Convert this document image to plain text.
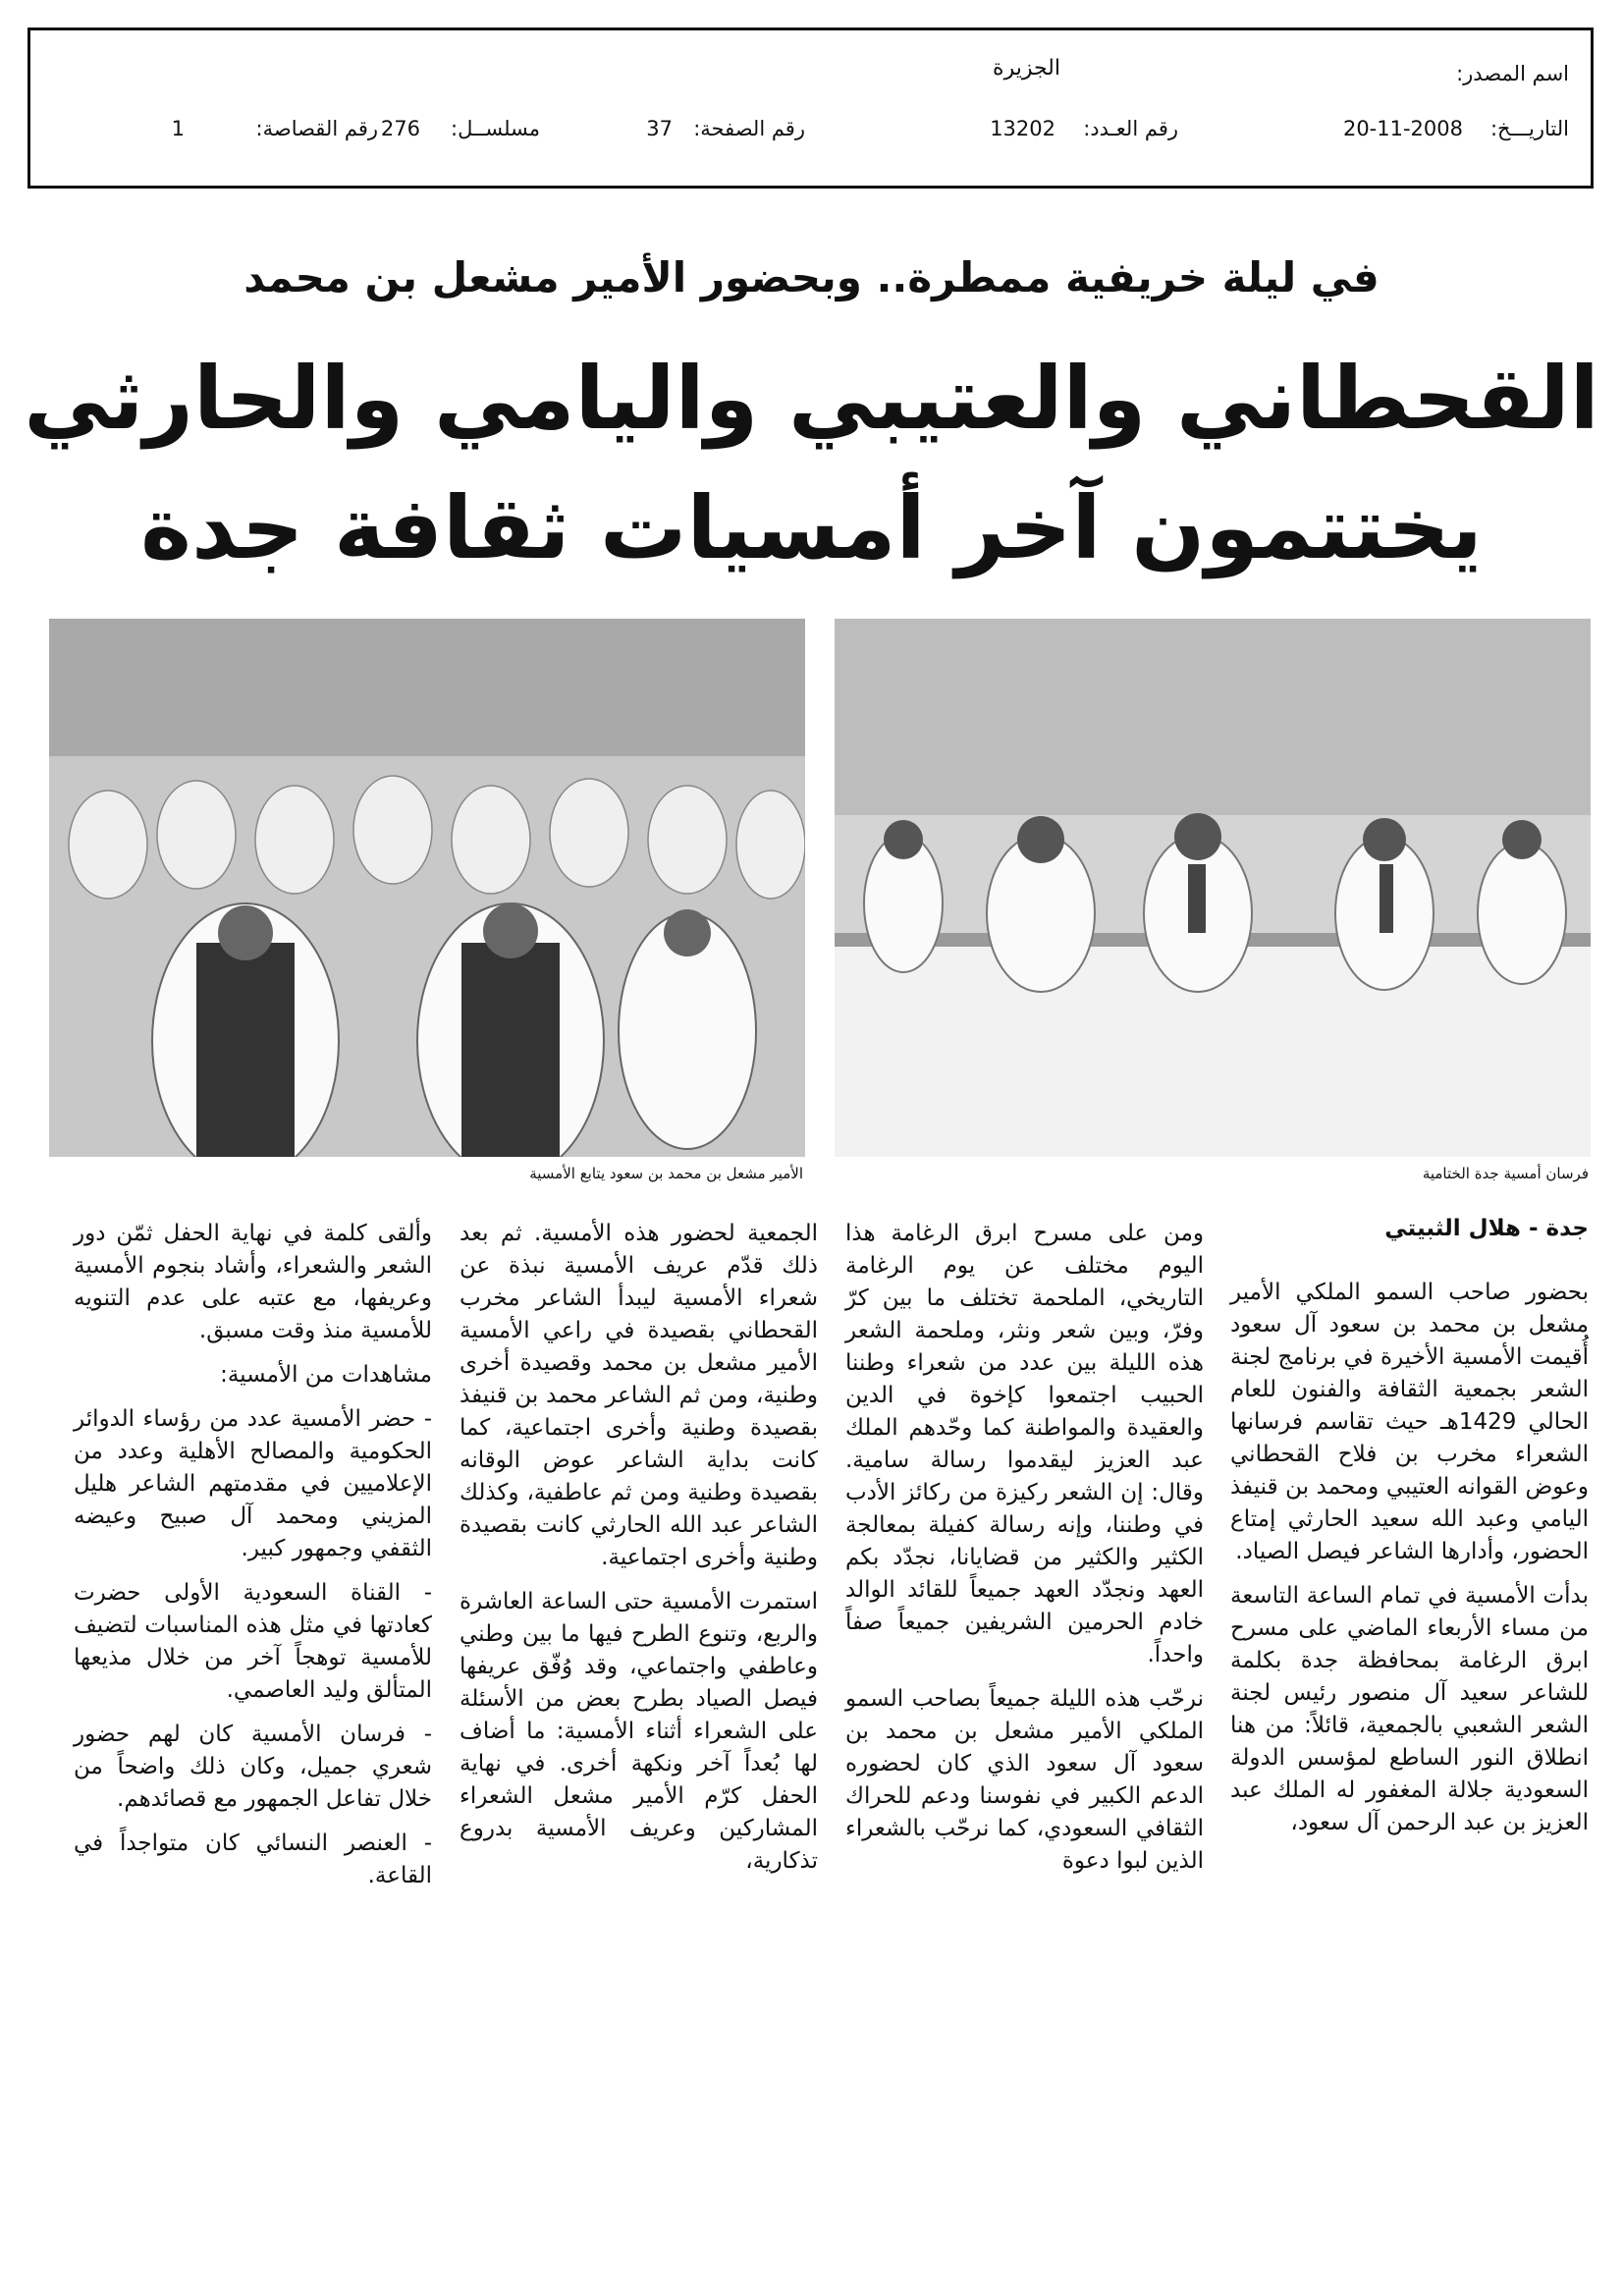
اسم المصدر:
الجزيرة
التاريـــخ:
20-11-2008
رقم العـدد:
13202
رقم الصفحة:
37
مسلســل:
276
رقم القصاصة:
1
في ليلة خريفية ممطرة.. وبحضور الأمير مشعل بن محمد
القحطاني والعتيبي واليامي والحارثي
يختتمون آخر أمسيات ثقافة جدة
فرسان أمسية جدة الختامية
الأمير مشعل بن محمد بن سعود يتابع الأمسية
جدة - هلال الثبيتي

بحضور صاحب السمو الملكي الأمير مشعل بن محمد بن سعود آل سعود أُقيمت الأمسية الأخيرة في برنامج لجنة الشعر بجمعية الثقافة والفنون للعام الحالي 1429هـ حيث تقاسم فرسانها الشعراء مخرب بن فلاح القحطاني وعوض القوانه العتيبي ومحمد بن قنيفذ اليامي وعبد الله سعيد الحارثي إمتاع الحضور، وأدارها الشاعر فيصل الصياد.

بدأت الأمسية في تمام الساعة التاسعة من مساء الأربعاء الماضي على مسرح ابرق الرغامة بمحافظة جدة بكلمة للشاعر سعيد آل منصور رئيس لجنة الشعر الشعبي بالجمعية، قائلاً: من هنا انطلاق النور الساطع لمؤسس الدولة السعودية جلالة المغفور له الملك عبد العزيز بن عبد الرحمن آل سعود،

ومن على مسرح ابرق الرغامة هذا اليوم مختلف عن يوم الرغامة التاريخي، الملحمة تختلف ما بين كرّ وفرّ، وبين شعر ونثر، وملحمة الشعر هذه الليلة بين عدد من شعراء وطننا الحبيب اجتمعوا كإخوة في الدين والعقيدة والمواطنة كما وحّدهم الملك عبد العزيز ليقدموا رسالة سامية. وقال: إن الشعر ركيزة من ركائز الأدب في وطننا، وإنه رسالة كفيلة بمعالجة الكثير والكثير من قضايانا، نجدّد بكم العهد ونجدّد العهد جميعاً للقائد الوالد خادم الحرمين الشريفين جميعاً صفاً واحداً.

نرحّب هذه الليلة جميعاً بصاحب السمو الملكي الأمير مشعل بن محمد بن سعود آل سعود الذي كان لحضوره الدعم الكبير في نفوسنا ودعم للحراك الثقافي السعودي، كما نرحّب بالشعراء الذين لبوا دعوة

الجمعية لحضور هذه الأمسية. ثم بعد ذلك قدّم عريف الأمسية نبذة عن شعراء الأمسية ليبدأ الشاعر مخرب القحطاني بقصيدة في راعي الأمسية الأمير مشعل بن محمد وقصيدة أخرى وطنية، ومن ثم الشاعر محمد بن قنيفذ بقصيدة وطنية وأخرى اجتماعية، كما كانت بداية الشاعر عوض الوقانه بقصيدة وطنية ومن ثم عاطفية، وكذلك الشاعر عبد الله الحارثي كانت بقصيدة وطنية وأخرى اجتماعية.

استمرت الأمسية حتى الساعة العاشرة والربع، وتنوع الطرح فيها ما بين وطني وعاطفي واجتماعي، وقد وُفّق عريفها فيصل الصياد بطرح بعض من الأسئلة على الشعراء أثناء الأمسية: ما أضاف لها بُعداً آخر ونكهة أخرى. في نهاية الحفل كرّم الأمير مشعل الشعراء المشاركين وعريف الأمسية بدروع تذكارية،

وألقى كلمة في نهاية الحفل ثمّن دور الشعر والشعراء، وأشاد بنجوم الأمسية وعريفها، مع عتبه على عدم التنويه للأمسية منذ وقت مسبق.

مشاهدات من الأمسية:

- حضر الأمسية عدد من رؤساء الدوائر الحكومية والمصالح الأهلية وعدد من الإعلاميين في مقدمتهم الشاعر هليل المزيني ومحمد آل صبيح وعيضه الثقفي وجمهور كبير.

- القناة السعودية الأولى حضرت كعادتها في مثل هذه المناسبات لتضيف للأمسية توهجاً آخر من خلال مذيعها المتألق وليد العاصمي.

- فرسان الأمسية كان لهم حضور شعري جميل، وكان ذلك واضحاً من خلال تفاعل الجمهور مع قصائدهم.

- العنصر النسائي كان متواجداً في القاعة.
